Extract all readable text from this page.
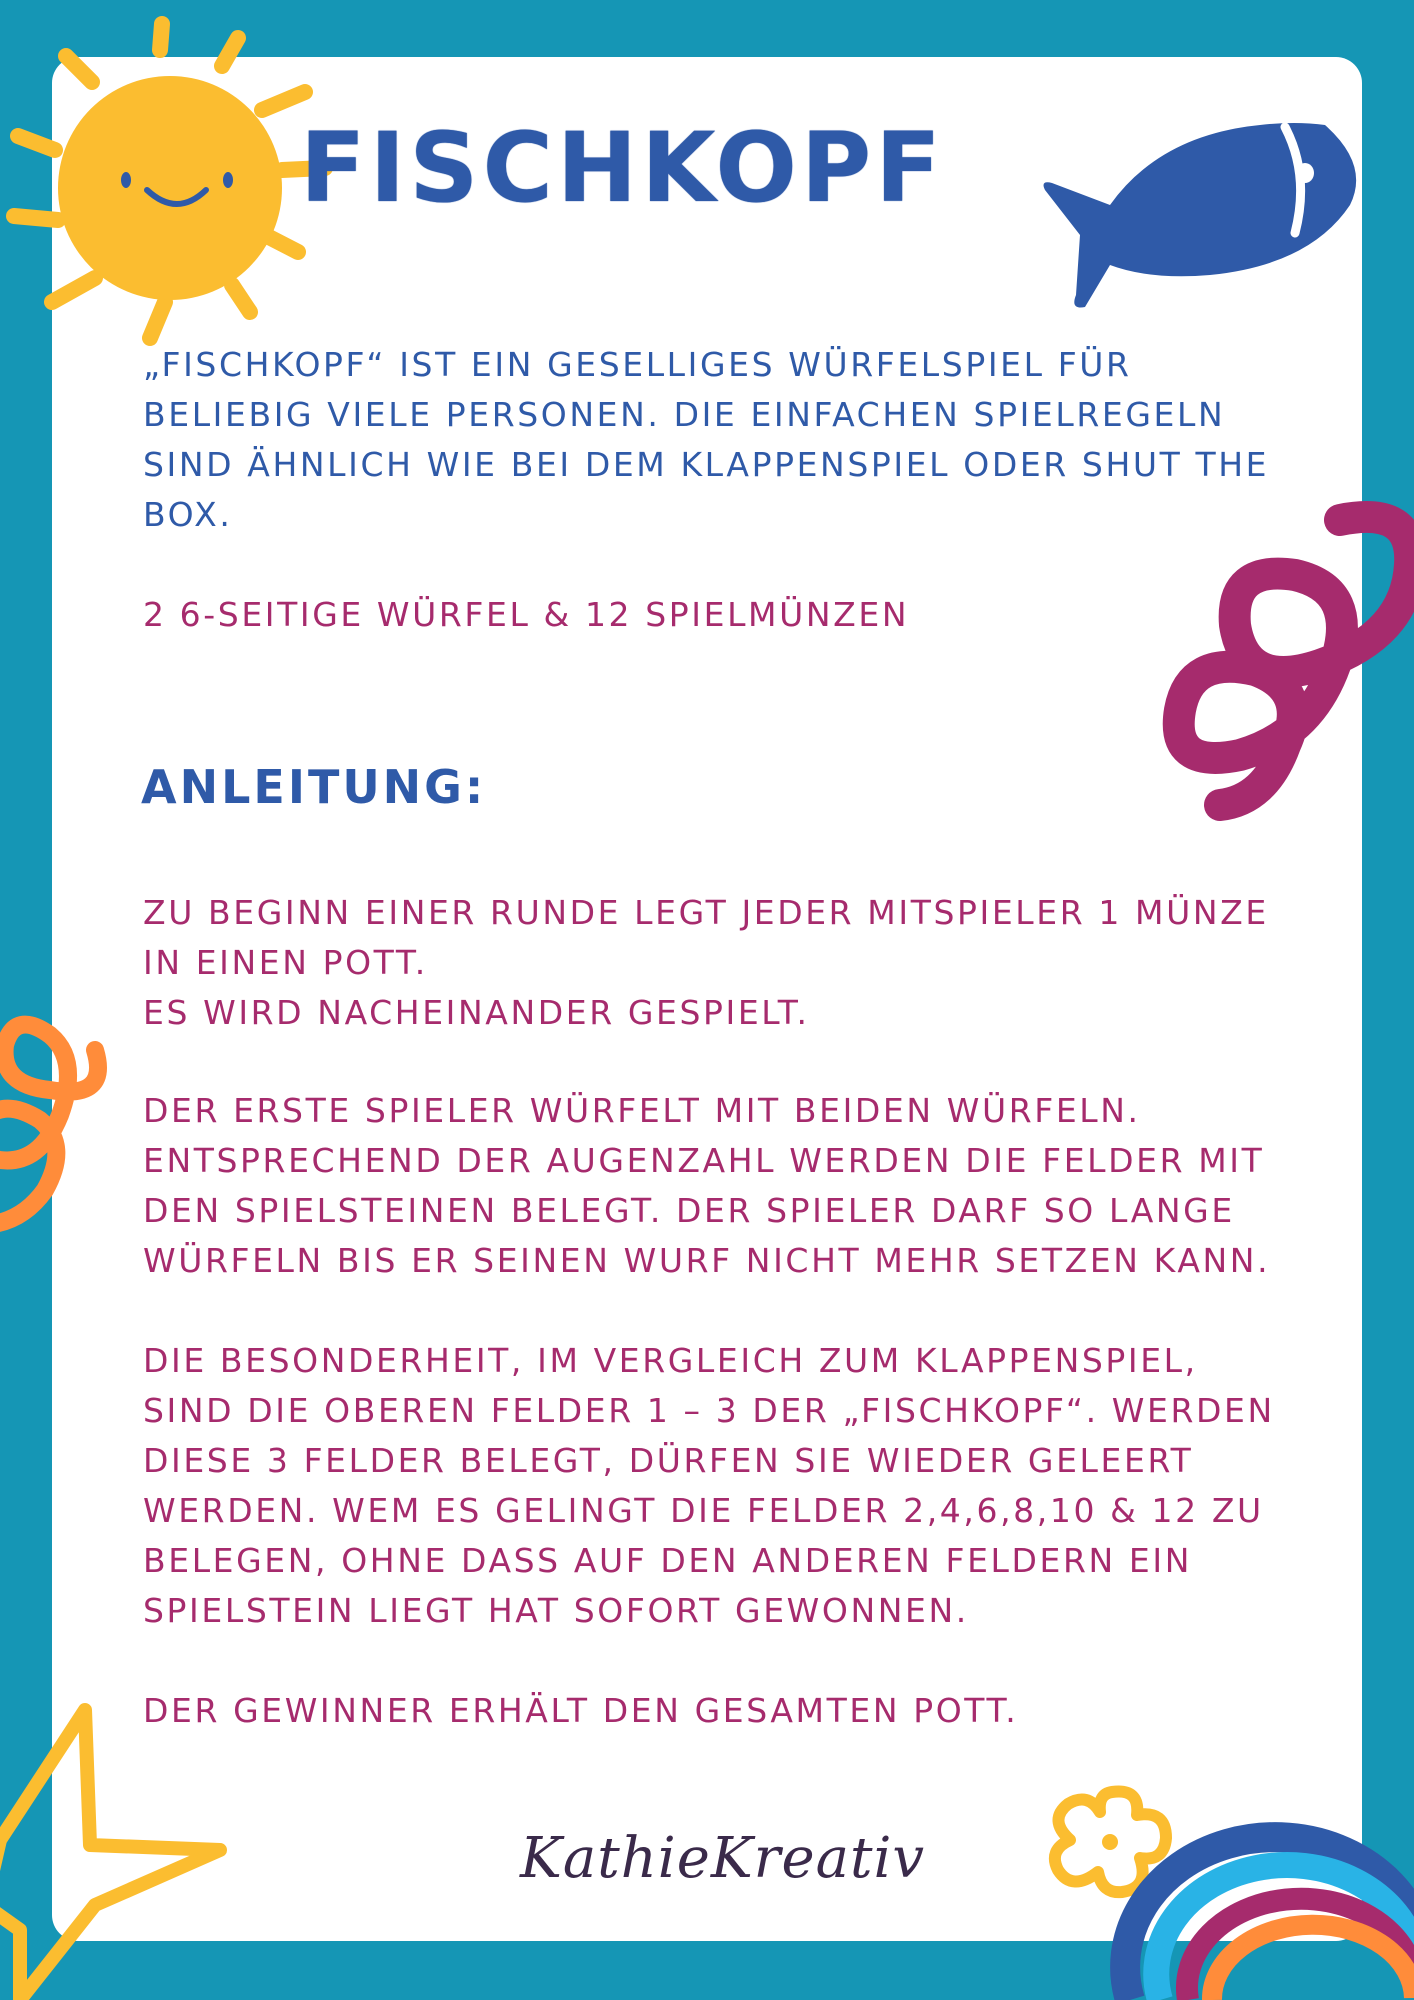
FISCHKOPF
„FISCHKOPF“ IST EIN GESELLIGES WÜRFELSPIEL FÜR
BELIEBIG VIELE PERSONEN. DIE EINFACHEN SPIELREGELN
SIND ÄHNLICH WIE BEI DEM KLAPPENSPIEL ODER SHUT THE
BOX.
2 6-SEITIGE WÜRFEL & 12 SPIELMÜNZEN
ANLEITUNG:
ZU BEGINN EINER RUNDE LEGT JEDER MITSPIELER 1 MÜNZE
IN EINEN POTT.
ES WIRD NACHEINANDER GESPIELT.
DER ERSTE SPIELER WÜRFELT MIT BEIDEN WÜRFELN.
ENTSPRECHEND DER AUGENZAHL WERDEN DIE FELDER MIT
DEN SPIELSTEINEN BELEGT. DER SPIELER DARF SO LANGE
WÜRFELN BIS ER SEINEN WURF NICHT MEHR SETZEN KANN.
DIE BESONDERHEIT, IM VERGLEICH ZUM KLAPPENSPIEL,
SIND DIE OBEREN FELDER 1 – 3 DER „FISCHKOPF“. WERDEN
DIESE 3 FELDER BELEGT, DÜRFEN SIE WIEDER GELEERT
WERDEN. WEM ES GELINGT DIE FELDER 2,4,6,8,10 & 12 ZU
BELEGEN, OHNE DASS AUF DEN ANDEREN FELDERN EIN
SPIELSTEIN LIEGT HAT SOFORT GEWONNEN.
DER GEWINNER ERHÄLT DEN GESAMTEN POTT.
KathieKreativ
